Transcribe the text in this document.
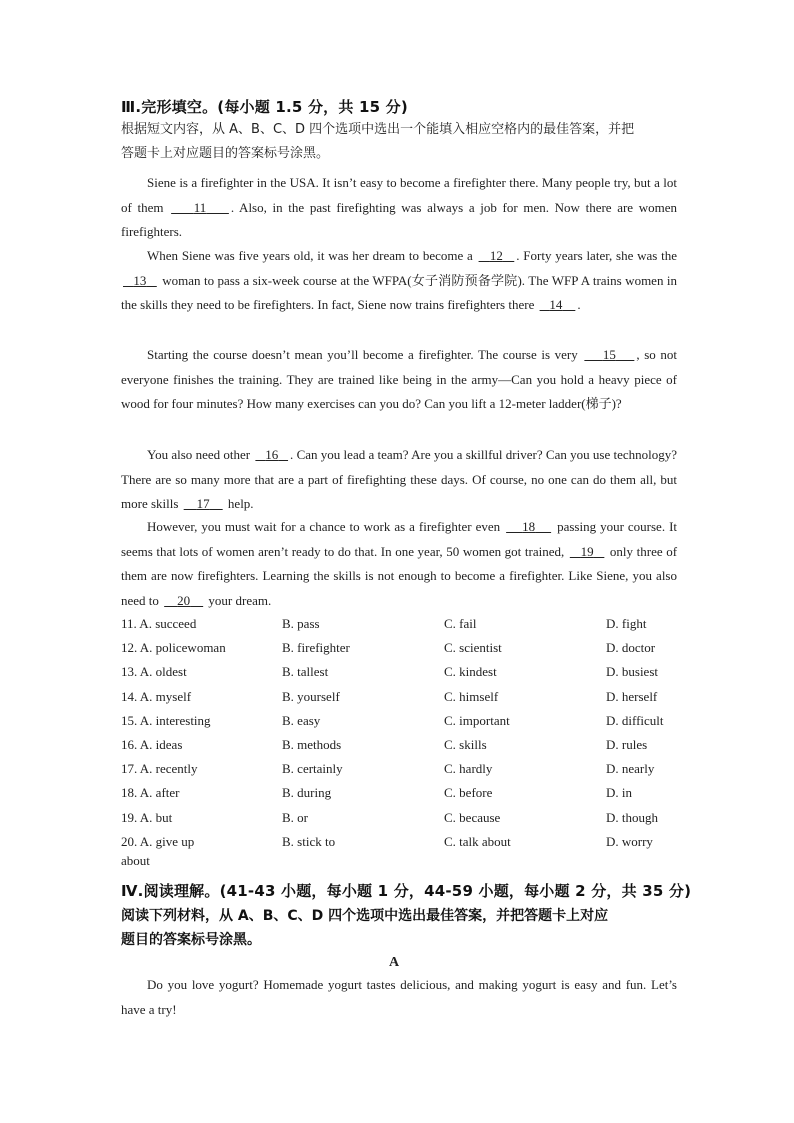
Ⅲ.完形填空。(每小题 1.5 分，共 15 分)
根据短文内容，从 A、B、C、D 四个选项中选出一个能填入相应空格内的最佳答案，并把
答题卡上对应题目的答案标号涂黑。
Siene is a firefighter in the USA. It isn’t easy to become a firefighter there. Many people try, but a lot of them     11 . Also, in the past firefighting was always a job for men. Now there are women firefighters.
When Siene was five years old, it was her dream to become a    12 . Forty years later, she was the    13    woman to pass a six-week course at the WFPA(女子消防预备学院). The WFP A trains women in the skills they need to be firefighters. In fact, Siene now trains firefighters there    14 .
Starting the course doesn’t mean you’ll become a firefighter. The course is very     15 , so not everyone finishes the training. They are trained like being in the army—Can you hold a heavy piece of wood for four minutes? How many exercises can you do? Can you lift a 12-meter ladder(梯子)?
You also need other    16 . Can you lead a team? Are you a skillful driver? Can you use technology? There are so many more that are a part of firefighting these days. Of course, no one can do them all, but more skills     17     help.
However, you must wait for a chance to work as a firefighter even     18     passing your course. It seems that lots of women aren’t ready to do that. In one year, 50 women got trained,    19    only three of them are now firefighters. Learning the skills is not enough to become a firefighter. Like Siene, you also need to     20     your dream.
11. A. succeed	B. pass	C. fail	D. fight
12. A. policewoman	B. firefighter	C. scientist	D. doctor
13. A. oldest	B. tallest	C. kindest	D. busiest
14. A. myself	B. yourself	C. himself	D. herself
15. A. interesting	B. easy	C. important	D. difficult
16. A. ideas	B. methods	C. skills	D. rules
17. A. recently	B. certainly	C. hardly	D. nearly
18. A. after	B. during	C. before	D. in
19. A. but	B. or	C. because	D. though
20. A. give up	B. stick to	C. talk about	D. worry
about
Ⅳ.阅读理解。(41-43 小题，每小题 1 分，44-59 小题，每小题 2 分，共 35 分)
阅读下列材料，从 A、B、C、D 四个选项中选出最佳答案，并把答题卡上对应
题目的答案标号涂黑。
A
Do you love yogurt? Homemade yogurt tastes delicious, and making yogurt is easy and fun. Let’s have a try!
